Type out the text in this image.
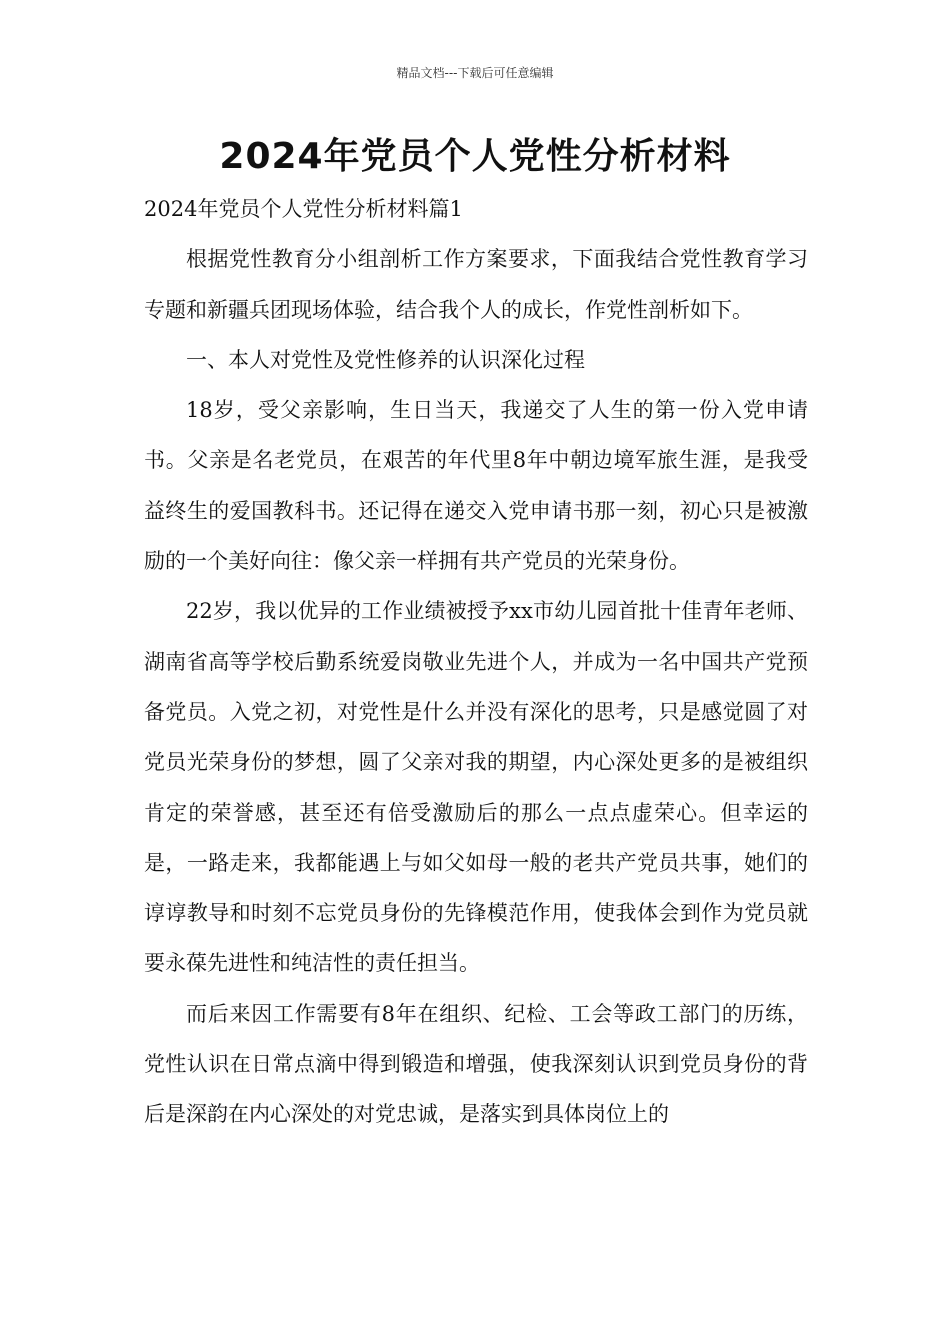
精品文档---下载后可任意编辑
2024年党员个人党性分析材料

2024年党员个人党性分析材料篇1

根据党性教育分小组剖析工作方案要求，下面我结合党性教育学习专题和新疆兵团现场体验，结合我个人的成长，作党性剖析如下。

一、本人对党性及党性修养的认识深化过程

18岁，受父亲影响，生日当天，我递交了人生的第一份入党申请书。父亲是名老党员，在艰苦的年代里8年中朝边境军旅生涯，是我受益终生的爱国教科书。还记得在递交入党申请书那一刻，初心只是被激励的一个美好向往：像父亲一样拥有共产党员的光荣身份。

22岁，我以优异的工作业绩被授予xx市幼儿园首批十佳青年老师、湖南省高等学校后勤系统爱岗敬业先进个人，并成为一名中国共产党预备党员。入党之初，对党性是什么并没有深化的思考，只是感觉圆了对党员光荣身份的梦想，圆了父亲对我的期望，内心深处更多的是被组织肯定的荣誉感，甚至还有倍受激励后的那么一点点虚荣心。但幸运的是，一路走来，我都能遇上与如父如母一般的老共产党员共事，她们的谆谆教导和时刻不忘党员身份的先锋模范作用，使我体会到作为党员就要永葆先进性和纯洁性的责任担当。

而后来因工作需要有8年在组织、纪检、工会等政工部门的历练，党性认识在日常点滴中得到锻造和增强，使我深刻认识到党员身份的背后是深韵在内心深处的对党忠诚，是落实到具体岗位上的
